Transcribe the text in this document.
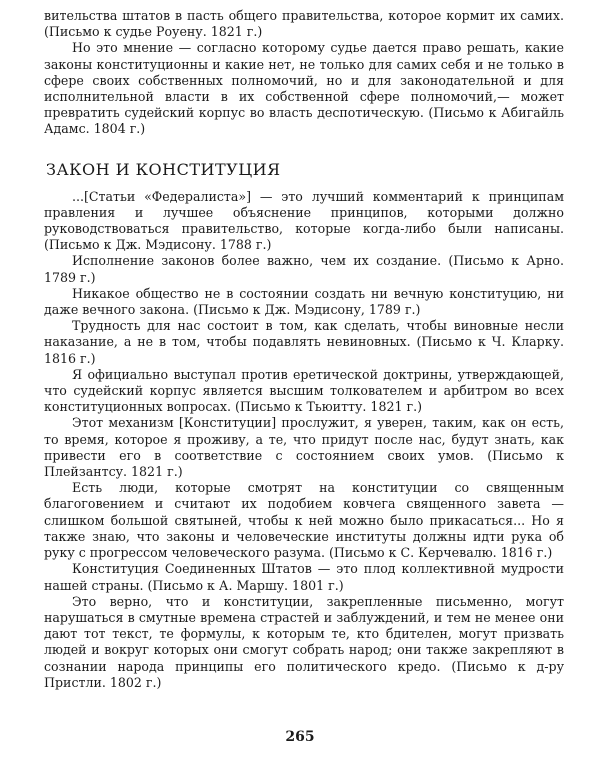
вительства штатов в пасть общего правительства, которое кормит их самих. (Письмо к судье Роуену. 1821 г.)

Но это мнение — согласно которому судье дается право решать, какие законы конституционны и какие нет, не только для самих себя и не только в сфере своих собственных полномочий, но и для законодательной и для исполнительной власти в их собственной сфере полномочий,— может превратить судейский корпус во власть деспотическую. (Письмо к Абигайль Адамс. 1804 г.)

ЗАКОН И КОНСТИТУЦИЯ

...[Статьи «Федералиста»] — это лучший комментарий к принципам правления и лучшее объяснение принципов, которыми должно руководствоваться правительство, которые когда-либо были написаны. (Письмо к Дж. Мэдисону. 1788 г.)

Исполнение законов более важно, чем их создание. (Письмо к Арно. 1789 г.)

Никакое общество не в состоянии создать ни вечную конституцию, ни даже вечного закона. (Письмо к Дж. Мэдисону, 1789 г.)

Трудность для нас состоит в том, как сделать, чтобы виновные несли наказание, а не в том, чтобы подавлять невиновных. (Письмо к Ч. Кларку. 1816 г.)

Я официально выступал против еретической доктрины, утверждающей, что судейский корпус является высшим толкователем и арбитром во всех конституционных вопросах. (Письмо к Тьюитту. 1821 г.)

Этот механизм [Конституции] прослужит, я уверен, таким, как он есть, то время, которое я проживу, а те, что придут после нас, будут знать, как привести его в соответствие с состоянием своих умов. (Письмо к Плейзантсу. 1821 г.)

Есть люди, которые смотрят на конституции со священным благоговением и считают их подобием ковчега священного завета — слишком большой святыней, чтобы к ней можно было прикасаться... Но я также знаю, что законы и человеческие институты должны идти рука об руку с прогрессом человеческого разума. (Письмо к С. Керчевалю. 1816 г.)

Конституция Соединенных Штатов — это плод коллективной мудрости нашей страны. (Письмо к А. Маршу. 1801 г.)

Это верно, что и конституции, закрепленные письменно, могут нарушаться в смутные времена страстей и заблуждений, и тем не менее они дают тот текст, те формулы, к которым те, кто бдителен, могут призвать людей и вокруг которых они смогут собрать народ; они также закрепляют в сознании народа принципы его политического кредо. (Письмо к д-ру Пристли. 1802 г.)

265
